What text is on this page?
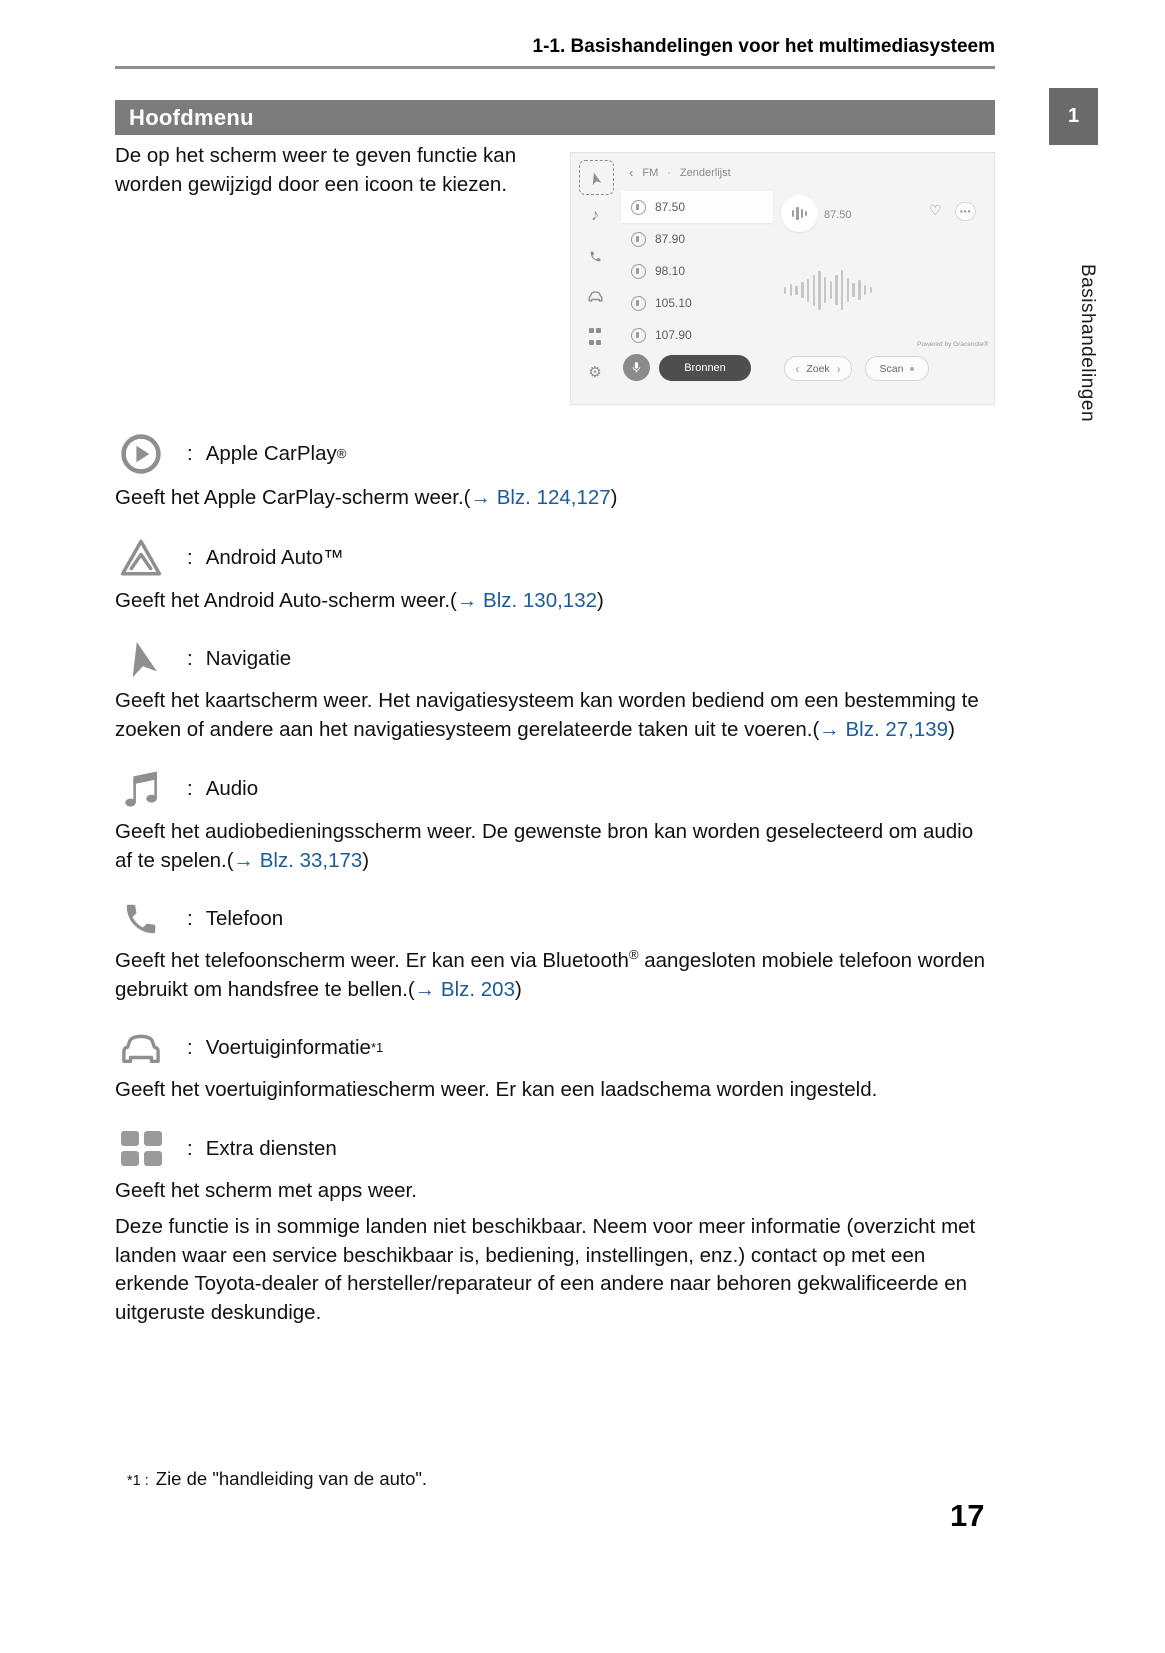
1-1. Basishandelingen voor het multimediasysteem
Hoofdmenu	1
Basishandelingen

De op het scherm weer te geven functie kan worden gewijzigd door een icoon te kiezen.

♪
⚙
‹ FM · Zenderlijst
87.50
87.90
98.10
105.10
107.90
87.50	♡	•••
Powered by Gracenote®
Bronnen	‹ Zoek ›	Scan
: Apple CarPlay ®

Geeft het Apple CarPlay-scherm weer.(→ Blz. 124,127)

: Android Auto™

Geeft het Android Auto-scherm weer.(→ Blz. 130,132)

: Navigatie

Geeft het kaartscherm weer. Het navigatiesysteem kan worden bediend om een bestemming te zoeken of andere aan het navigatiesysteem gerelateerde taken uit te voeren.(→ Blz. 27,139)

: Audio

Geeft het audiobedieningsscherm weer. De gewenste bron kan worden geselecteerd om audio af te spelen.(→ Blz. 33,173)

: Telefoon

Geeft het telefoonscherm weer. Er kan een via Bluetooth® aangesloten mobiele telefoon worden gebruikt om handsfree te bellen.(→ Blz. 203)

: Voertuiginformatie *1

Geeft het voertuiginformatiescherm weer. Er kan een laadschema worden ingesteld.

: Extra diensten

Geeft het scherm met apps weer.

Deze functie is in sommige landen niet beschikbaar. Neem voor meer informatie (overzicht met landen waar een service beschikbaar is, bediening, instellingen, enz.) contact op met een erkende Toyota-dealer of hersteller/reparateur of een andere naar behoren gekwalificeerde en uitgeruste deskundige.

*1 : Zie de "handleiding van de auto".
17
